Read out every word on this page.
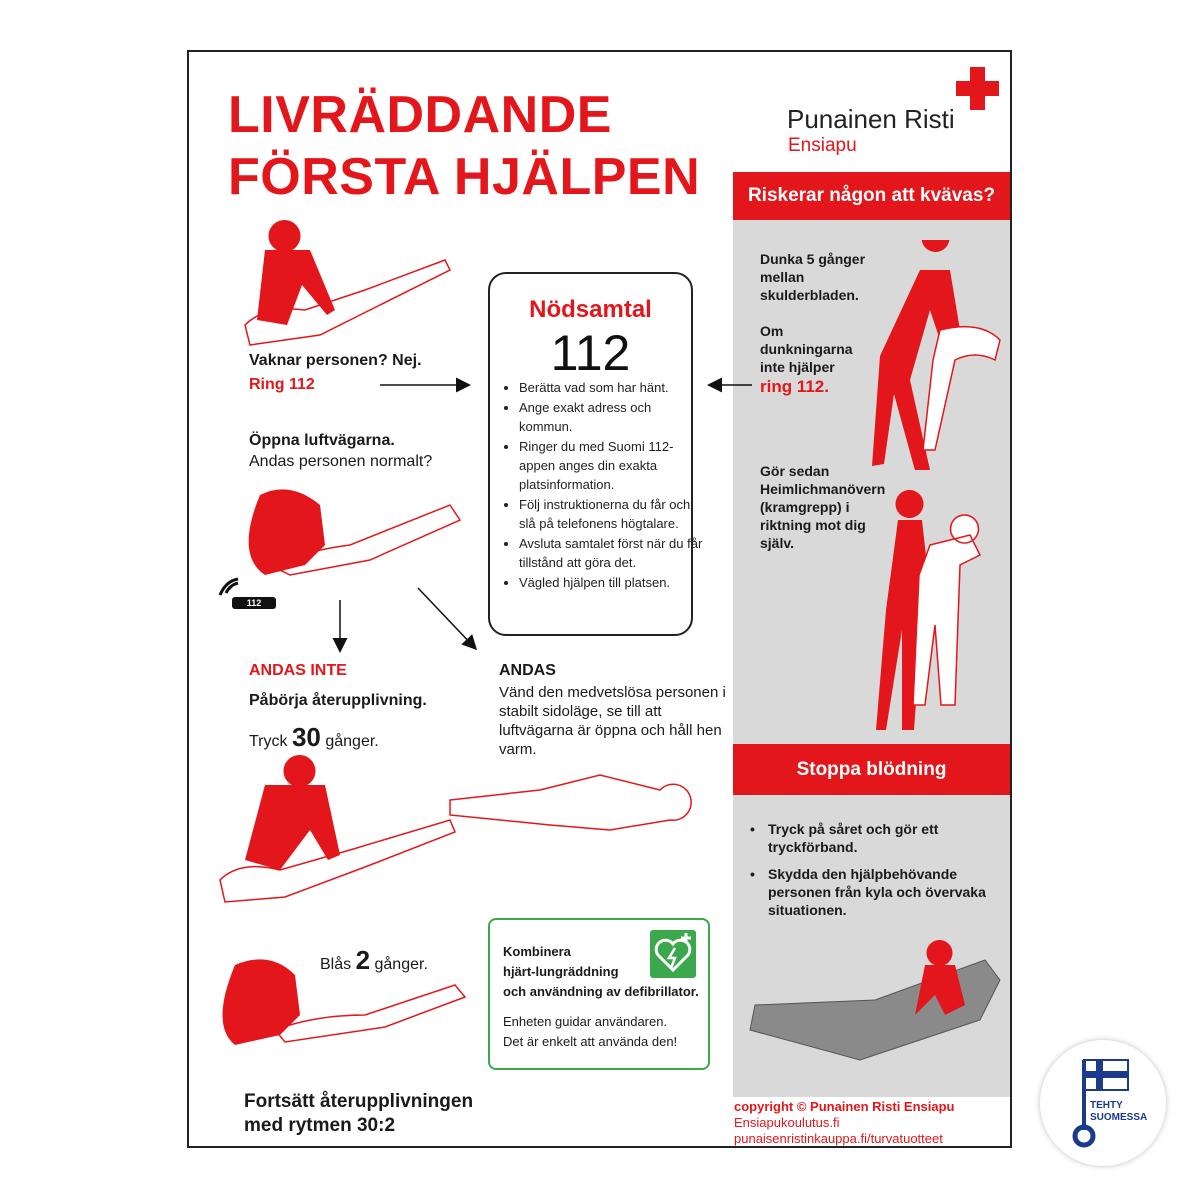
LIVRÄDDANDE
FÖRSTA HJÄLPEN
Punainen Risti
Ensiapu
Riskerar någon att kvävas?
Stoppa blödning
Dunka 5 gånger
mellan
skulderbladen.
Om
dunkningarna
inte hjälper
ring 112.
Gör sedan
Heimlichmanövern
(kramgrepp) i
riktning mot dig
själv.
• Tryck på såret och gör ett
tryckförband.
• Skydda den hjälpbehövande
personen från kyla och övervaka
situationen.
112
Vaknar personen? Nej.
Ring 112
Öppna luftvägarna.
Andas personen normalt?
ANDAS INTE
Påbörja återupplivning.
Tryck 30 gånger.
Blås 2 gånger.
ANDAS
Vänd den medvetslösa personen i stabilt sidoläge, se till att luftvägarna är öppna och håll hen varm.
Fortsätt återupplivningen
med rytmen 30:2
Nödsamtal
112
• Berätta vad som har hänt.
• Ange exakt adress och kommun.
• Ringer du med Suomi 112-appen anges din exakta platsinformation.
• Följ instruktionerna du får och slå på telefonens högtalare.
• Avsluta samtalet först när du får tillstånd att göra det.
• Vägled hjälpen till platsen.
Kombinera
hjärt-lungräddning
och användning av defibrillator.
Enheten guidar användaren.
Det är enkelt att använda den!
copyright © Punainen Risti Ensiapu
Ensiapukoulutus.fi
punaisenristinkauppa.fi/turvatuotteet
TEHTY
SUOMESSA
